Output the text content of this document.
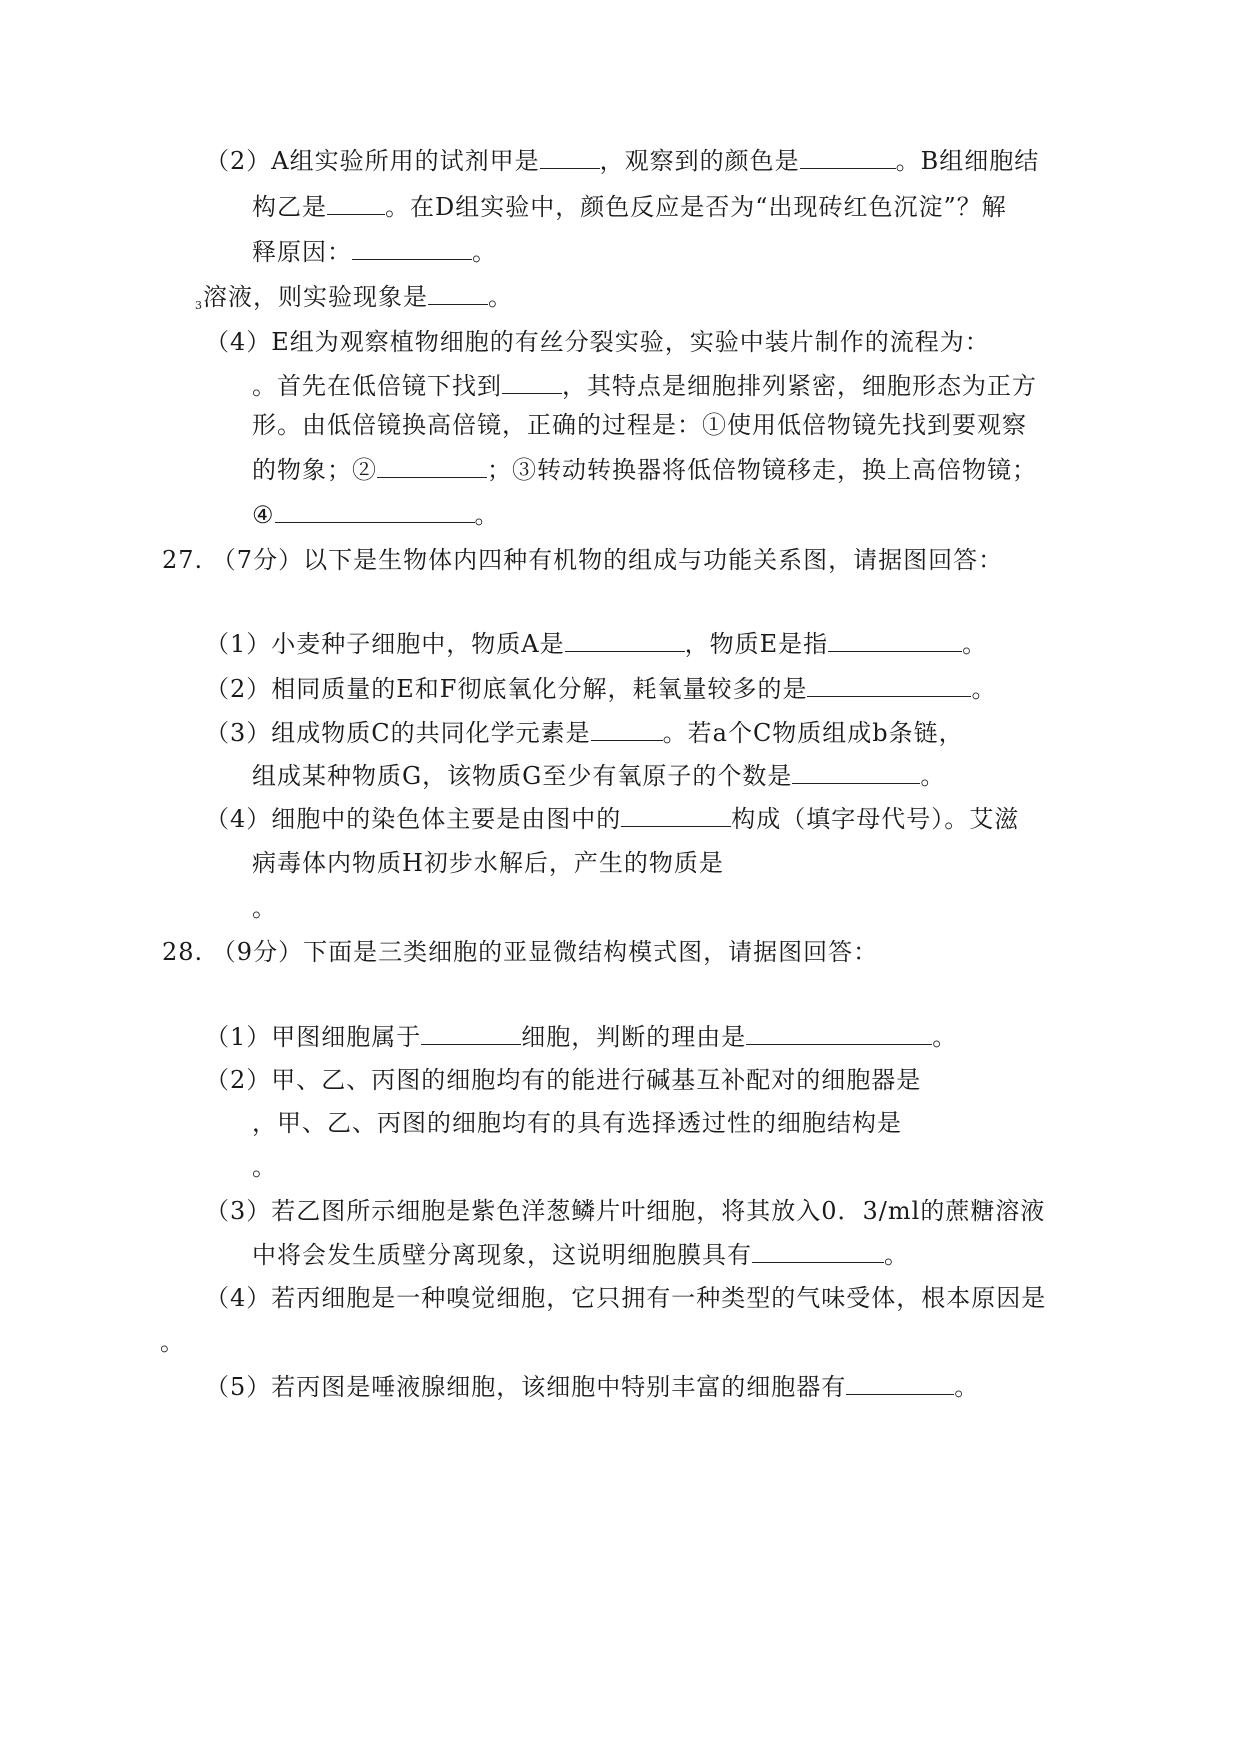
（2）A组实验所用的试剂甲是	，观察到的颜色是	。B组细胞结
构乙是 。在D组实验中，颜色反应是否为“出现砖红色沉淀”？解
释原因：	。
$_3$溶液，则实验现象是	。
（4）E组为观察植物细胞的有丝分裂实验，实验中装片制作的流程为：
。首先在低倍镜下找到	，其特点是细胞排列紧密，细胞形态为正方
形。由低倍镜换高倍镜，正确的过程是：①使用低倍物镜先找到要观察
的物象；②	；③转动转换器将低倍物镜移走，换上高倍物镜；
④	。
27. （7分）以下是生物体内四种有机物的组成与功能关系图，请据图回答：
（1）小麦种子细胞中，物质A是	，物质E是指	。
（2）相同质量的E和F彻底氧化分解，耗氧量较多的是	。
（3）组成物质C的共同化学元素是	。若a个C物质组成b条链，
组成某种物质G，该物质G至少有氧原子的个数是	。
（4）细胞中的染色体主要是由图中的	构成（填字母代号）。艾滋
病毒体内物质H初步水解后，产生的物质是
。
28. （9分）下面是三类细胞的亚显微结构模式图，请据图回答：
（1）甲图细胞属于	细胞，判断的理由是	。
（2）甲、乙、丙图的细胞均有的能进行碱基互补配对的细胞器是
，甲、乙、丙图的细胞均有的具有选择透过性的细胞结构是
。
（3）若乙图所示细胞是紫色洋葱鳞片叶细胞，将其放入0．3/ml的蔗糖溶液
中将会发生质壁分离现象，这说明细胞膜具有	。
（4）若丙细胞是一种嗅觉细胞，它只拥有一种类型的气味受体，根本原因是
。
（5）若丙图是唾液腺细胞，该细胞中特别丰富的细胞器有	。
